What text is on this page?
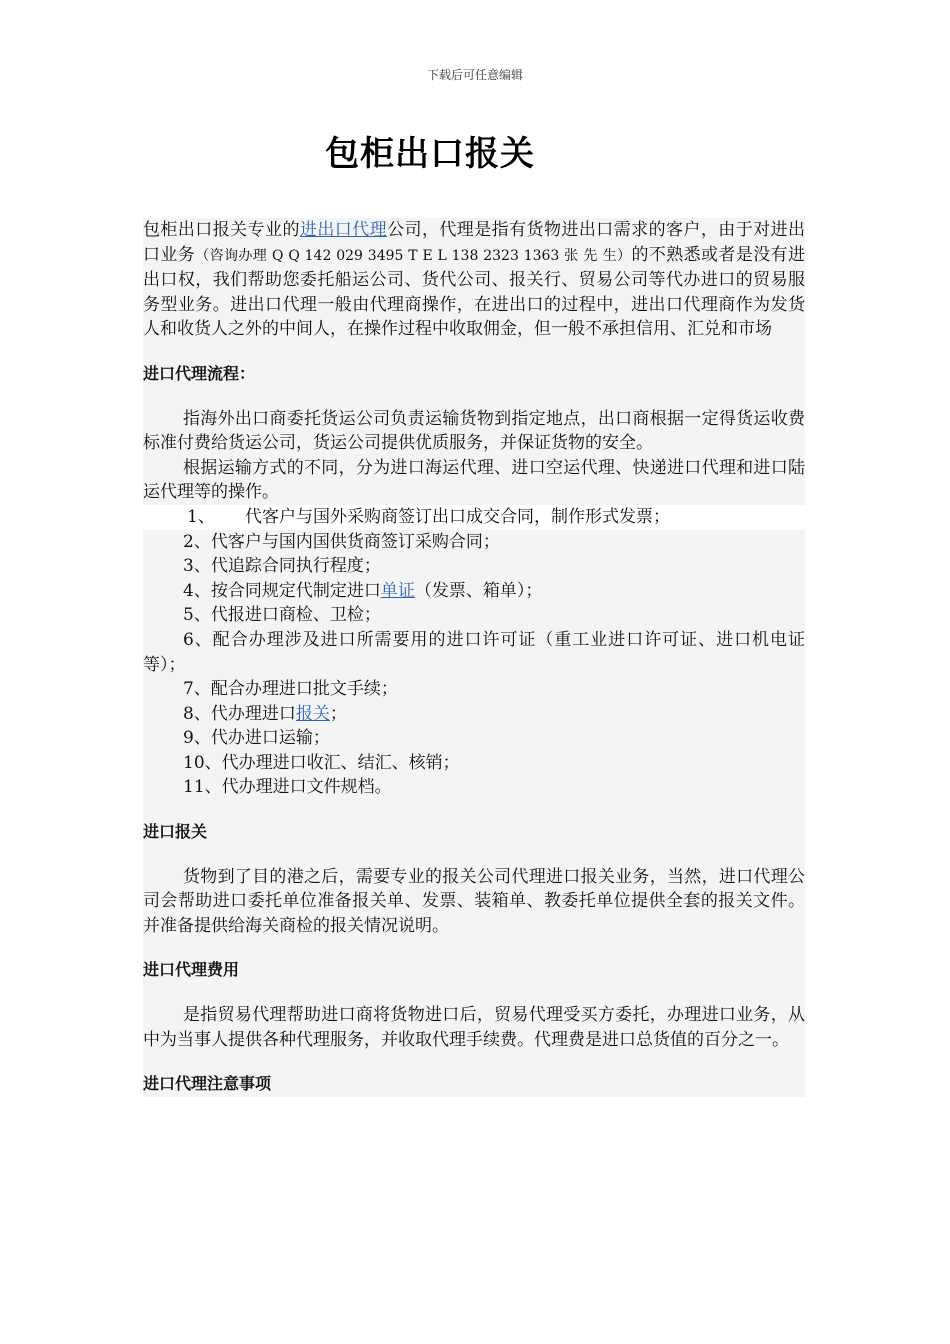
下载后可任意编辑
包柜出口报关

包柜出口报关专业的进出口代理公司，代理是指有货物进出口需求的客户，由于对进出口业务（咨询办理 Q Q 142 029 3495 T E L 138 2323 1363 张 先 生）的不熟悉或者是没有进出口权，我们帮助您委托船运公司、货代公司、报关行、贸易公司等代办进口的贸易服务型业务。进出口代理一般由代理商操作，在进出口的过程中，进出口代理商作为发货人和收货人之外的中间人，在操作过程中收取佣金，但一般不承担信用、汇兑和市场

进口代理流程：

指海外出口商委托货运公司负责运输货物到指定地点，出口商根据一定得货运收费标准付费给货运公司，货运公司提供优质服务，并保证货物的安全。

根据运输方式的不同，分为进口海运代理、进口空运代理、快递进口代理和进口陆运代理等的操作。

1、 代客户与国外采购商签订出口成交合同，制作形式发票；

2、代客户与国内国供货商签订采购合同；

3、代追踪合同执行程度；

4、按合同规定代制定进口单证（发票、箱单）；

5、代报进口商检、卫检；

6、配合办理涉及进口所需要用的进口许可证（重工业进口许可证、进口机电证等）；

7、配合办理进口批文手续；

8、代办理进口报关；

9、代办进口运输；

10、代办理进口收汇、结汇、核销；

11、代办理进口文件规档。

进口报关

货物到了目的港之后，需要专业的报关公司代理进口报关业务，当然，进口代理公司会帮助进口委托单位准备报关单、发票、装箱单、教委托单位提供全套的报关文件。并准备提供给海关商检的报关情况说明。

进口代理费用

是指贸易代理帮助进口商将货物进口后，贸易代理受买方委托，办理进口业务，从中为当事人提供各种代理服务，并收取代理手续费。代理费是进口总货值的百分之一。

进口代理注意事项
